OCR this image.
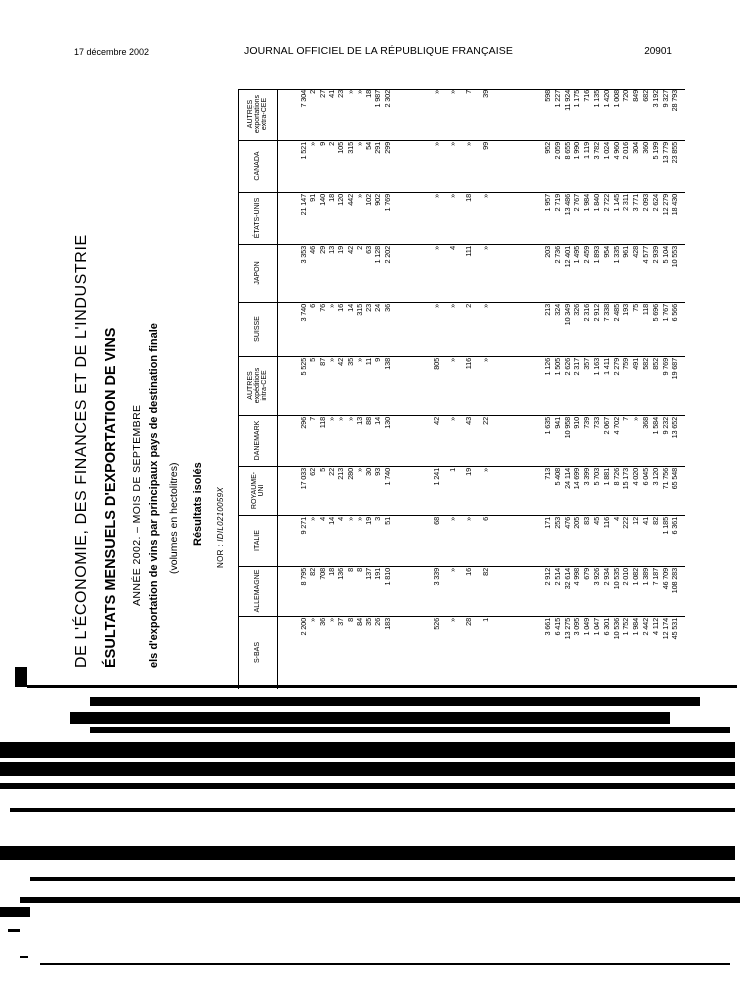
17 décembre 2002	JOURNAL OFFICIEL DE LA RÉPUBLIQUE FRANÇAISE	20901
DE L'ÉCONOMIE, DES FINANCES ET DE L'INDUSTRIE ÉSULTATS MENSUELS D'EXPORTATION DE VINS ANNÉE 2002. – MOIS DE SEPTEMBRE els d'exportation de vins par principaux pays de destination finale (volumes en hectolitres) Résultats isolés
NOR : IDIL0210059X
S-BAS
ALLEMAGNE
ITALIE
ROYAUME- UNI
DANEMARK
AUTRES expéditions intra-CEE
SUISSE
JAPON
ÉTATS-UNIS
CANADA
AUTRES exportations extra-CEE
2 200
8 795
9 271
17 033
296
5 525
3 740
3 353
21 147
1 521
7 304
»
82
»
62
7
5
6
46
91
»
2
36
708
4
5
118
87
76
29
140
9
27
»
18
14
22
»
»
»
13
18
2
41
37
136
4
213
»
42
16
19
120
105
23
8
8
»
280
»
35
14
42
442
315
»
84
8
»
»
13
»
315
2
»
»
»
35
137
19
30
88
11
23
63
102
54
18
26
191
3
93
14
9
24
1 128
902
291
1 987
183
1 810
51
1 740
130
138
36
2 202
1 769
299
2 302
526
3 339
68
1 241
42
805
»
»
»
»
»
»
»
»
1
»
»
»
4
»
»
»
28
16
»
19
43
116
2
111
18
»
7
1
82
6
»
22
»
»
»
»
99
39
3 661
2 912
171
713
1 635
1 126
213
203
1 957
952
598
6 415
2 514
253
5 408
941
1 505
324
2 736
2 719
2 059
1 227
13 275
32 614
476
24 114
10 958
2 626
10 349
12 401
13 486
8 655
11 924
3 095
4 998
205
14 699
910
2 317
326
1 495
2 767
1 990
1 175
1 049
679
83
3 399
739
357
2 316
2 459
1 984
1 119
716
1 047
3 926
45
5 703
733
1 163
2 912
1 893
1 840
3 782
1 135
6 301
2 934
116
1 881
2 067
1 411
7 338
954
2 722
1 024
1 420
10 536
10 535
4
8 726
4 702
2 279
2 485
1 335
1 145
4 960
1 008
1 752
2 010
222
15 173
7
759
193
961
2 311
2 016
720
1 984
1 082
12
4 020
»
491
75
428
3 771
304
849
2 442
1 389
41
6 045
368
582
118
4 577
2 093
360
682
4 112
7 187
82
3 120
1 584
852
5 696
2 939
2 624
5 199
3 192
12 174
46 709
1 185
71 756
9 232
9 769
1 767
5 104
12 279
13 779
9 327
45 531
108 283
6 361
65 548
13 652
19 687
6 566
10 553
18 430
23 855
28 793
